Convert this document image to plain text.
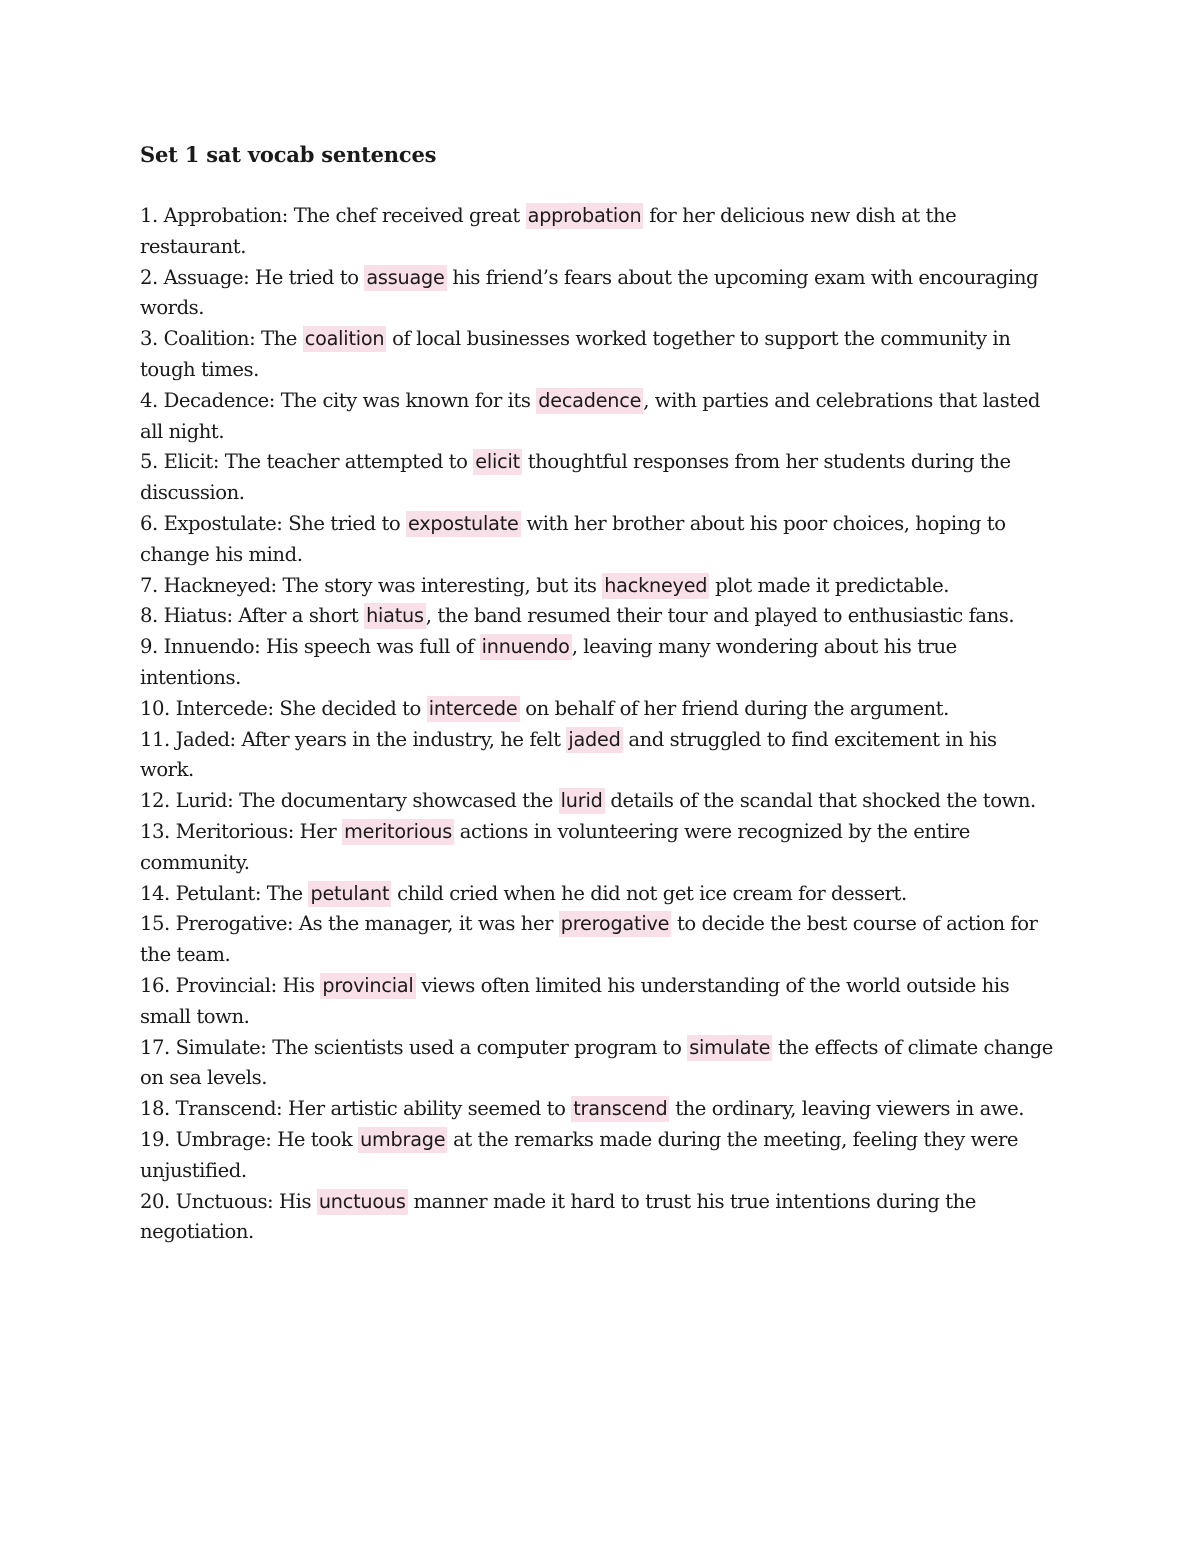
Set 1 sat vocab sentences
1. Approbation: The chef received great approbation for her delicious new dish at the restaurant.
2. Assuage: He tried to assuage his friend’s fears about the upcoming exam with encouraging words.
3. Coalition: The coalition of local businesses worked together to support the community in tough times.
4. Decadence: The city was known for its decadence , with parties and celebrations that lasted all night.
5. Elicit: The teacher attempted to elicit thoughtful responses from her students during the discussion.
6. Expostulate: She tried to expostulate with her brother about his poor choices, hoping to change his mind.
7. Hackneyed: The story was interesting, but its hackneyed plot made it predictable.
8. Hiatus: After a short hiatus , the band resumed their tour and played to enthusiastic fans.
9. Innuendo: His speech was full of innuendo , leaving many wondering about his true intentions.
10. Intercede: She decided to intercede on behalf of her friend during the argument.
11. Jaded: After years in the industry, he felt jaded and struggled to find excitement in his work.
12. Lurid: The documentary showcased the lurid details of the scandal that shocked the town.
13. Meritorious: Her meritorious actions in volunteering were recognized by the entire community.
14. Petulant: The petulant child cried when he did not get ice cream for dessert.
15. Prerogative: As the manager, it was her prerogative to decide the best course of action for the team.
16. Provincial: His provincial views often limited his understanding of the world outside his small town.
17. Simulate: The scientists used a computer program to simulate the effects of climate change on sea levels.
18. Transcend: Her artistic ability seemed to transcend the ordinary, leaving viewers in awe.
19. Umbrage: He took umbrage at the remarks made during the meeting, feeling they were unjustified.
20. Unctuous: His unctuous manner made it hard to trust his true intentions during the negotiation.
